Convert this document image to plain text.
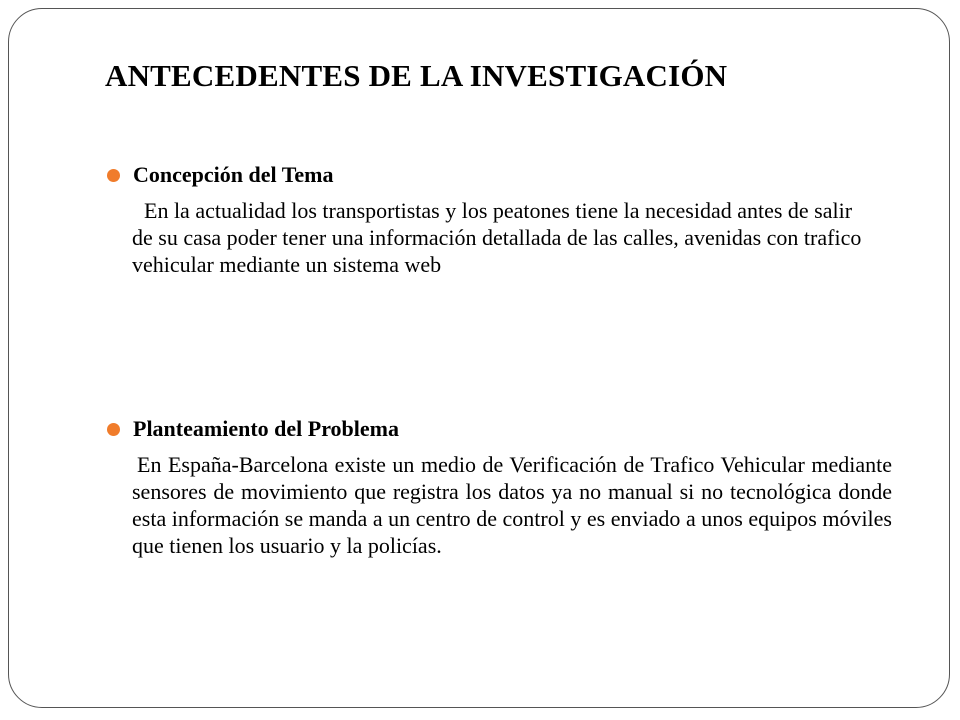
ANTECEDENTES DE LA INVESTIGACIÓN
Concepción del Tema

En la actualidad los transportistas y los peatones tiene la necesidad antes de salir de su casa poder tener una información detallada de las calles, avenidas con trafico vehicular mediante un sistema web

Planteamiento del Problema

En España-Barcelona existe un medio de Verificación de Trafico Vehicular mediante sensores de movimiento que registra los datos ya no manual si no tecnológica donde esta información se manda a un centro de control y es enviado a unos equipos móviles que tienen los usuario y la policías.
